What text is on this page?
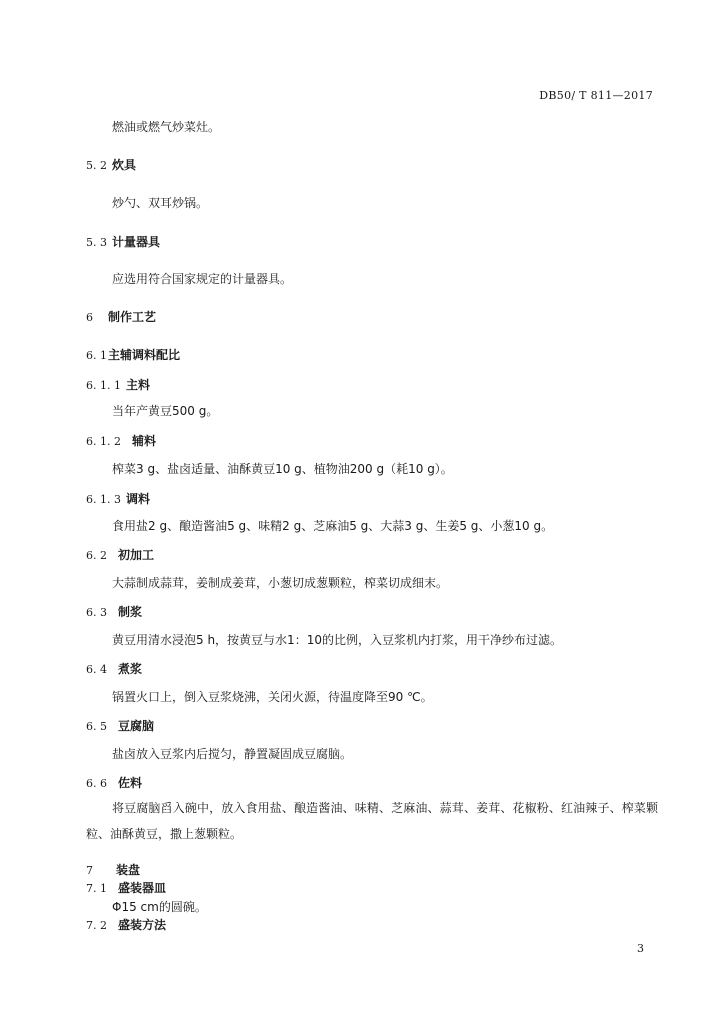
DB50/ T 811—2017
燃油或燃气炒菜灶。
5. 2 炊具
炒勺、双耳炒锅。
5. 3 计量器具
应选用符合国家规定的计量器具。
6 制作工艺
6. 1主辅调料配比
6. 1. 1 主料
当年产黄豆500 g。
6. 1. 2 辅料
榨菜3 g、盐卤适量、油酥黄豆10 g、植物油200 g（耗10 g）。
6. 1. 3 调料
食用盐2 g、酿造酱油5 g、味精2 g、芝麻油5 g、大蒜3 g、生姜5 g、小葱10 g。
6. 2 初加工
大蒜制成蒜茸，姜制成姜茸，小葱切成葱颗粒，榨菜切成细末。
6. 3 制浆
黄豆用清水浸泡5 h，按黄豆与水1：10的比例，入豆浆机内打浆，用干净纱布过滤。
6. 4 煮浆
锅置火口上，倒入豆浆烧沸，关闭火源，待温度降至90 ℃。
6. 5 豆腐脑
盐卤放入豆浆内后搅匀，静置凝固成豆腐脑。
6. 6 佐料
将豆腐脑舀入碗中，放入食用盐、酿造酱油、味精、芝麻油、蒜茸、姜茸、花椒粉、红油辣子、榨菜颗粒、油酥黄豆，撒上葱颗粒。
7 装盘
7. 1 盛装器皿
Φ15 cm的圆碗。
7. 2 盛装方法
3
